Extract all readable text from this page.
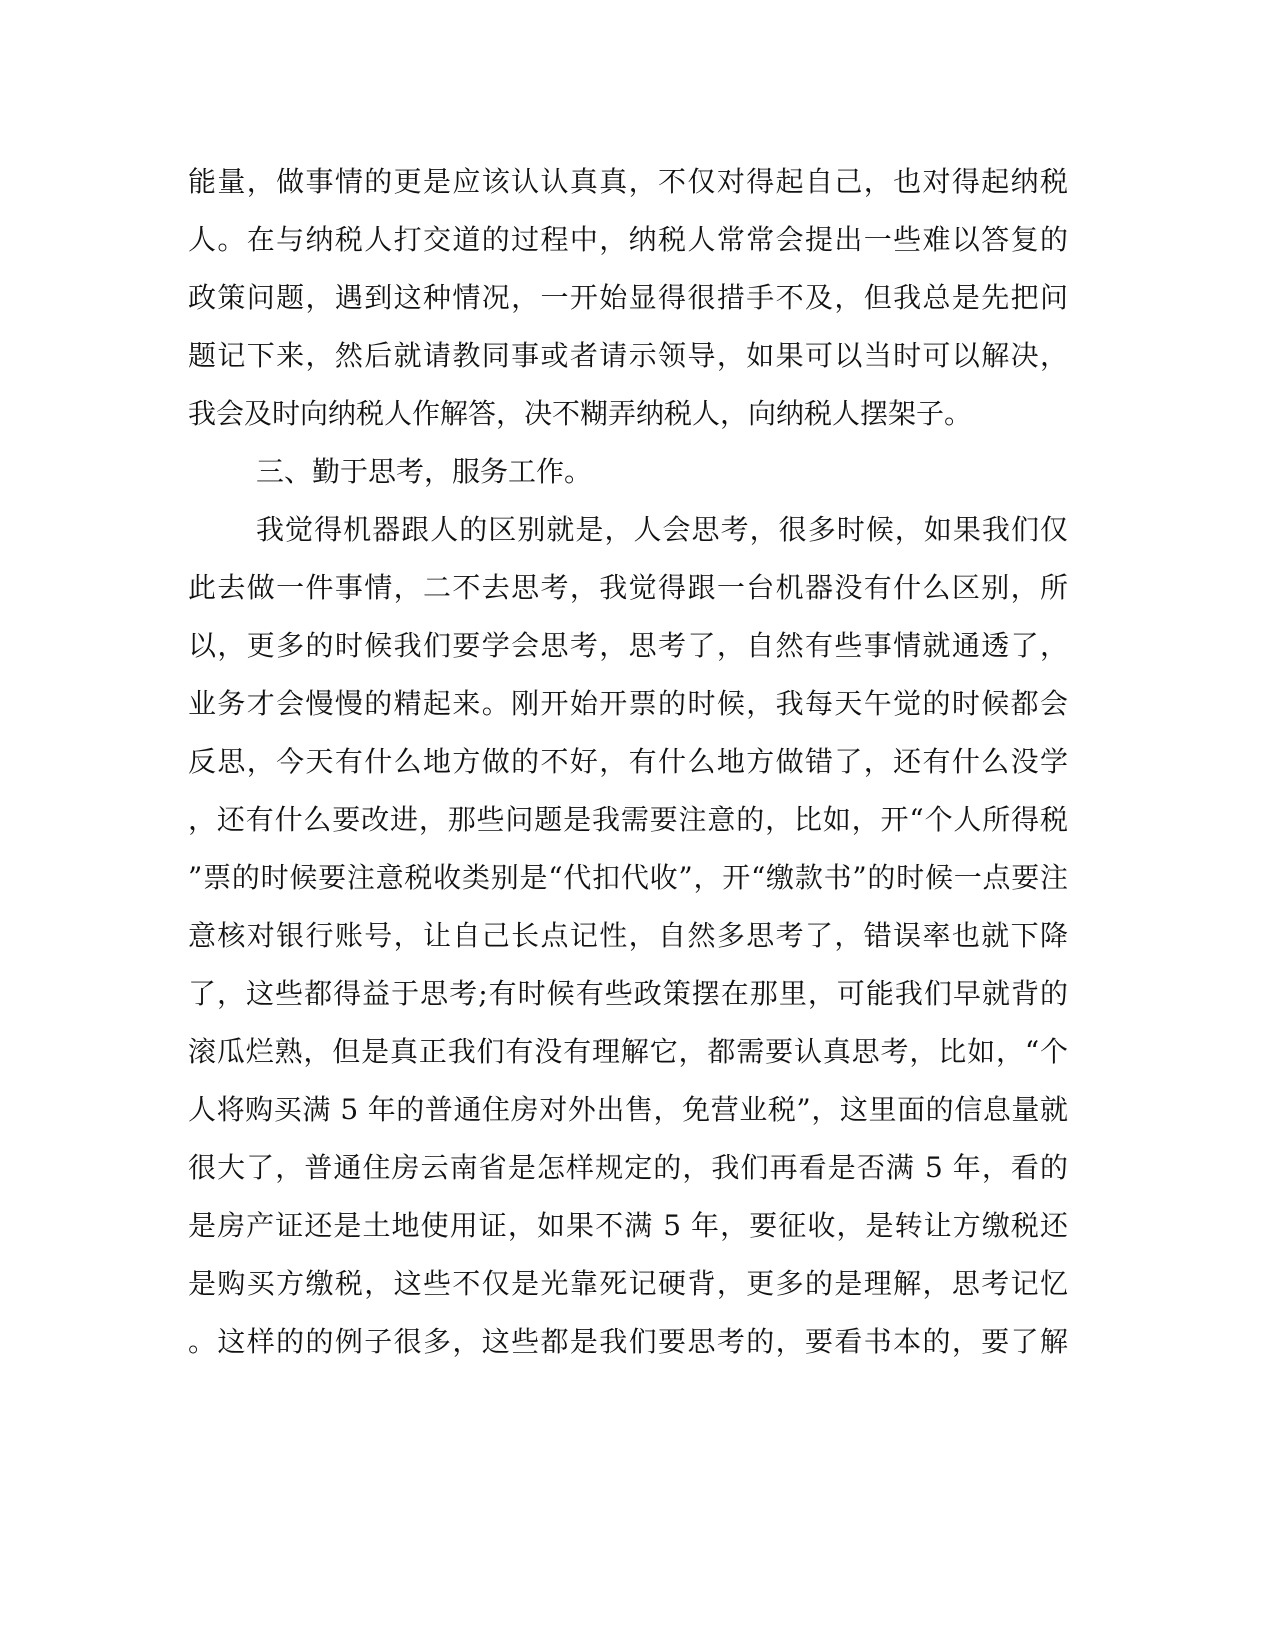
能量，做事情的更是应该认认真真，不仅对得起自己，也对得起纳税
人。在与纳税人打交道的过程中，纳税人常常会提出一些难以答复的
政策问题，遇到这种情况，一开始显得很措手不及，但我总是先把问
题记下来，然后就请教同事或者请示领导，如果可以当时可以解决，
我会及时向纳税人作解答，决不糊弄纳税人，向纳税人摆架子。
三、勤于思考，服务工作。
我觉得机器跟人的区别就是，人会思考，很多时候，如果我们仅
此去做一件事情，二不去思考，我觉得跟一台机器没有什么区别，所
以，更多的时候我们要学会思考，思考了，自然有些事情就通透了，
业务才会慢慢的精起来。刚开始开票的时候，我每天午觉的时候都会
反思，今天有什么地方做的不好，有什么地方做错了，还有什么没学
，还有什么要改进，那些问题是我需要注意的，比如，开“个人所得税
”票的时候要注意税收类别是“代扣代收”，开“缴款书”的时候一点要注
意核对银行账号，让自己长点记性，自然多思考了，错误率也就下降
了，这些都得益于思考;有时候有些政策摆在那里，可能我们早就背的
滚瓜烂熟，但是真正我们有没有理解它，都需要认真思考，比如，“个
人将购买满 5 年的普通住房对外出售，免营业税”，这里面的信息量就
很大了，普通住房云南省是怎样规定的，我们再看是否满 5 年，看的
是房产证还是土地使用证，如果不满 5 年，要征收，是转让方缴税还
是购买方缴税，这些不仅是光靠死记硬背，更多的是理解，思考记忆
。这样的的例子很多，这些都是我们要思考的，要看书本的，要了解
